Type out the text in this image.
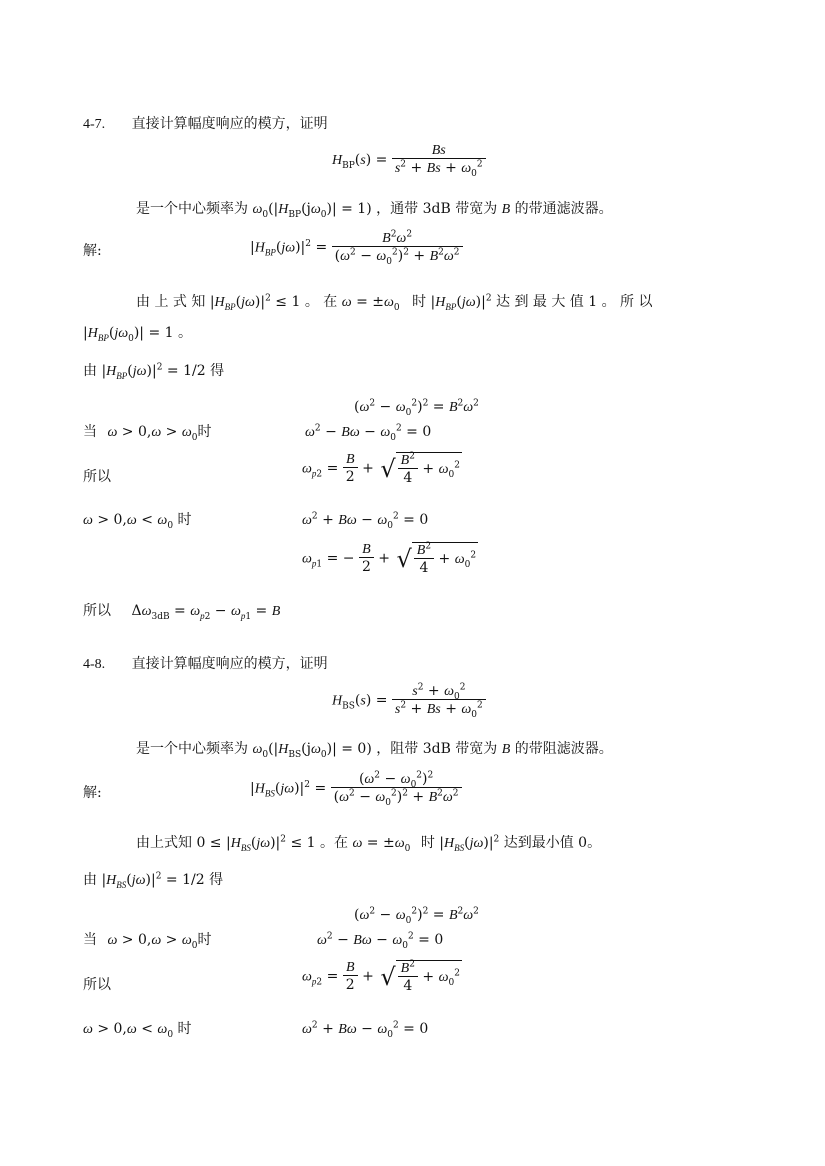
4-7. 直接计算幅度响应的模方，证明
$H_{BP}(s) = \frac{Bs}{s^2 + Bs + \omega_0^2}$
是一个中心频率为 $\omega_0(|H_{BP}(j\omega_0)| = 1)$ ，通带 3dB 带宽为 B 的带通滤波器。
解:	$|H_{BP}(j\omega)|^2 = \frac{B^2\omega^2}{(\omega^2 - \omega_0^2)^2 + B^2\omega^2}$
由 上 式 知 $|H_{BP}(j\omega)|^2 \le 1$ 。 在 $\omega = \pm\omega_0$ 时 $|H_{BP}(j\omega)|^2$ 达 到 最 大 值 1 。 所 以
$|H_{BP}(j\omega_0)| = 1$ 。
由 $|H_{BP}(j\omega)|^2 = 1/2$ 得
$(\omega^2 - \omega_0^2)^2 = B^2\omega^2$
当 $\omega > 0,\omega > \omega_0$时	$\omega^2 - B\omega - \omega_0^2 = 0$
所以	$\omega_{p2} = \frac{B}{2}$ + √ $\frac{B^2}{4} + \omega_0^2$
$\omega > 0,\omega < \omega_0$ 时	$\omega^2 + B\omega - \omega_0^2 = 0$
$\omega_{p1}$ = − $\frac{B}{2}$ + √ $\frac{B^2}{4} + \omega_0^2$
所以 $\Delta\omega_{3dB} = \omega_{p2} - \omega_{p1} = B$
4-8. 直接计算幅度响应的模方，证明
$H_{BS}(s) = \frac{s^2 + \omega_0^2}{s^2 + Bs + \omega_0^2}$
是一个中心频率为 $\omega_0(|H_{BS}(j\omega_0)| = 0)$ ，阻带 3dB 带宽为 B 的带阻滤波器。
解:	$|H_{BS}(j\omega)|^2 = \frac{(\omega^2 - \omega_0^2)^2}{(\omega^2 - \omega_0^2)^2 + B^2\omega^2}$
由上式知 $0 \le |H_{BS}(j\omega)|^2 \le 1$ 。在 $\omega = \pm\omega_0$ 时 $|H_{BS}(j\omega)|^2$ 达到最小值 0。
由 $|H_{BS}(j\omega)|^2 = 1/2$ 得
$(\omega^2 - \omega_0^2)^2 = B^2\omega^2$
当 $\omega > 0,\omega > \omega_0$时	$\omega^2 - B\omega - \omega_0^2 = 0$
所以	$\omega_{p2} = \frac{B}{2}$ + √ $\frac{B^2}{4} + \omega_0^2$
$\omega > 0,\omega < \omega_0$ 时	$\omega^2 + B\omega - \omega_0^2 = 0$
